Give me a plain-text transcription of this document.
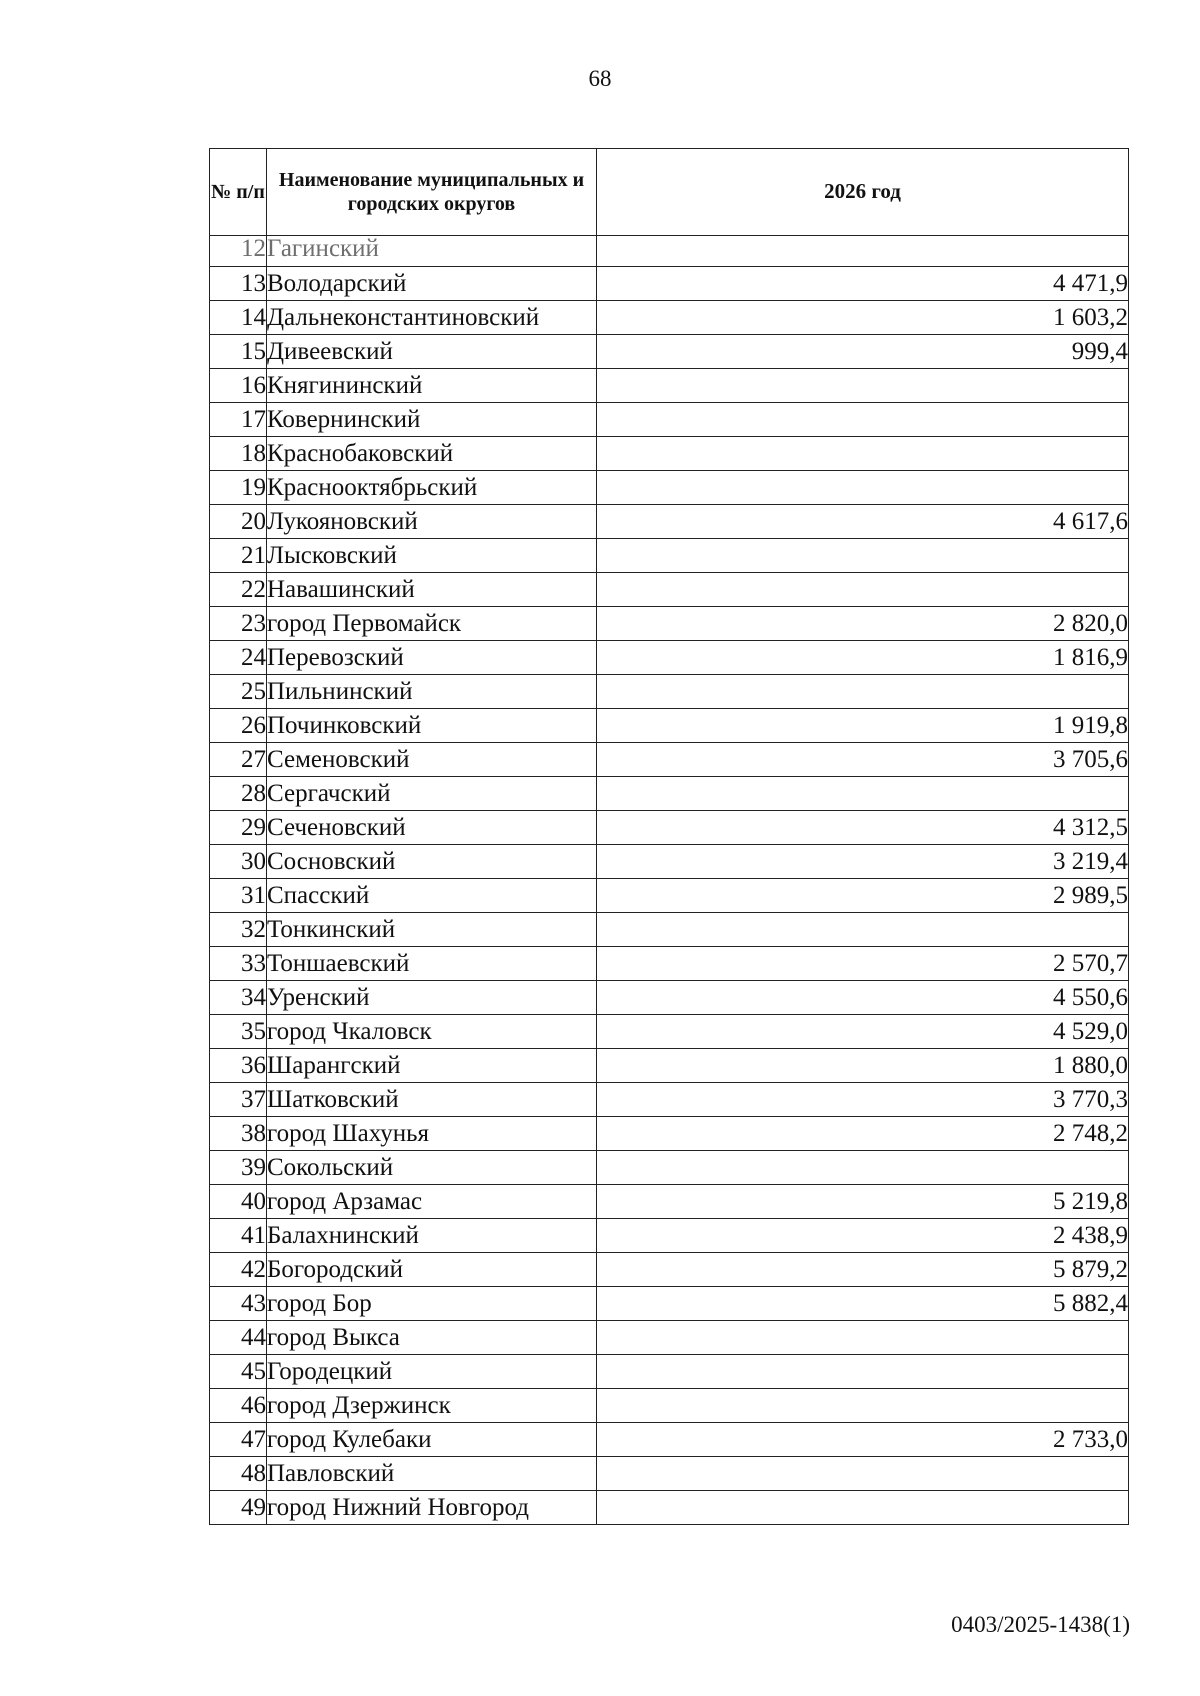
68
№ п/п	Наименование муниципальных и городских округов	2026 год
12	Гагинский	
13	Володарский	4 471,9
14	Дальнеконстантиновский	1 603,2
15	Дивеевский	999,4
16	Княгининский	
17	Ковернинский	
18	Краснобаковский	
19	Краснооктябрьский	
20	Лукояновский	4 617,6
21	Лысковский	
22	Навашинский	
23	город Первомайск	2 820,0
24	Перевозский	1 816,9
25	Пильнинский	
26	Починковский	1 919,8
27	Семеновский	3 705,6
28	Сергачский	
29	Сеченовский	4 312,5
30	Сосновский	3 219,4
31	Спасский	2 989,5
32	Тонкинский	
33	Тоншаевский	2 570,7
34	Уренский	4 550,6
35	город Чкаловск	4 529,0
36	Шарангский	1 880,0
37	Шатковский	3 770,3
38	город Шахунья	2 748,2
39	Сокольский	
40	город Арзамас	5 219,8
41	Балахнинский	2 438,9
42	Богородский	5 879,2
43	город Бор	5 882,4
44	город Выкса	
45	Городецкий	
46	город Дзержинск	
47	город Кулебаки	2 733,0
48	Павловский	
49	город Нижний Новгород	
0403/2025-1438(1)
